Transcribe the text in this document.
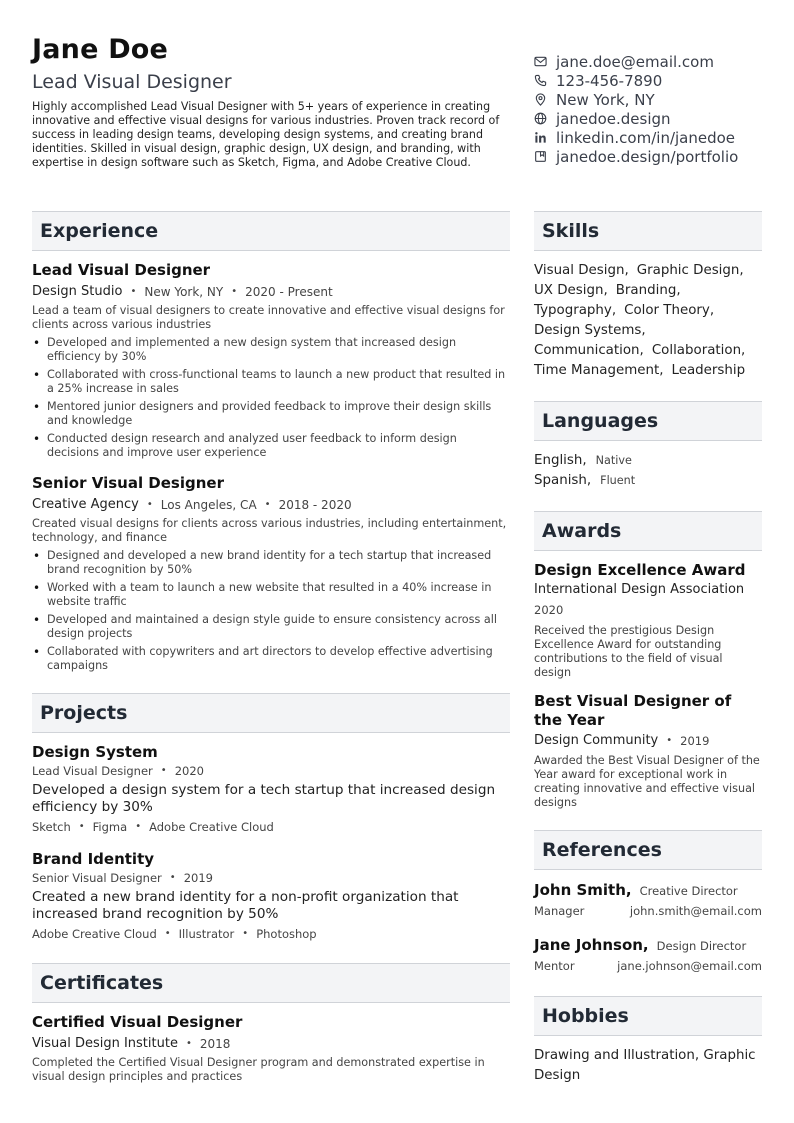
Jane Doe
Lead Visual Designer
Highly accomplished Lead Visual Designer with 5+ years of experience in creating innovative and effective visual designs for various industries. Proven track record of success in leading design teams, developing design systems, and creating brand identities. Skilled in visual design, graphic design, UX design, and branding, with expertise in design software such as Sketch, Figma, and Adobe Creative Cloud.
jane.doe@email.com
123-456-7890
New York, NY
janedoe.design
linkedin.com/in/janedoe
janedoe.design/portfolio
Experience
Lead Visual Designer
Design Studio • New York, NY • 2020 - Present
Lead a team of visual designers to create innovative and effective visual designs for clients across various industries
• Developed and implemented a new design system that increased design efficiency by 30%
• Collaborated with cross-functional teams to launch a new product that resulted in a 25% increase in sales
• Mentored junior designers and provided feedback to improve their design skills and knowledge
• Conducted design research and analyzed user feedback to inform design decisions and improve user experience
Senior Visual Designer
Creative Agency • Los Angeles, CA • 2018 - 2020
Created visual designs for clients across various industries, including entertainment, technology, and finance
• Designed and developed a new brand identity for a tech startup that increased brand recognition by 50%
• Worked with a team to launch a new website that resulted in a 40% increase in website traffic
• Developed and maintained a design style guide to ensure consistency across all design projects
• Collaborated with copywriters and art directors to develop effective advertising campaigns
Projects
Design System
Lead Visual Designer • 2020
Developed a design system for a tech startup that increased design efficiency by 30%
Sketch • Figma • Adobe Creative Cloud
Brand Identity
Senior Visual Designer • 2019
Created a new brand identity for a non-profit organization that increased brand recognition by 50%
Adobe Creative Cloud • Illustrator • Photoshop
Certificates
Certified Visual Designer
Visual Design Institute • 2018
Completed the Certified Visual Designer program and demonstrated expertise in visual design principles and practices
Skills
Visual Design, Graphic Design,
UX Design, Branding,
Typography, Color Theory,
Design Systems,
Communication, Collaboration,
Time Management, Leadership
Languages
English, Native
Spanish, Fluent
Awards
Design Excellence Award
International Design Association
2020
Received the prestigious Design Excellence Award for outstanding contributions to the field of visual design
Best Visual Designer of the Year
Design Community • 2019
Awarded the Best Visual Designer of the Year award for exceptional work in creating innovative and effective visual designs
References
John Smith, Creative Director
Manager	john.smith@email.com
Jane Johnson, Design Director
Mentor	jane.johnson@email.com
Hobbies
Drawing and Illustration, Graphic Design
